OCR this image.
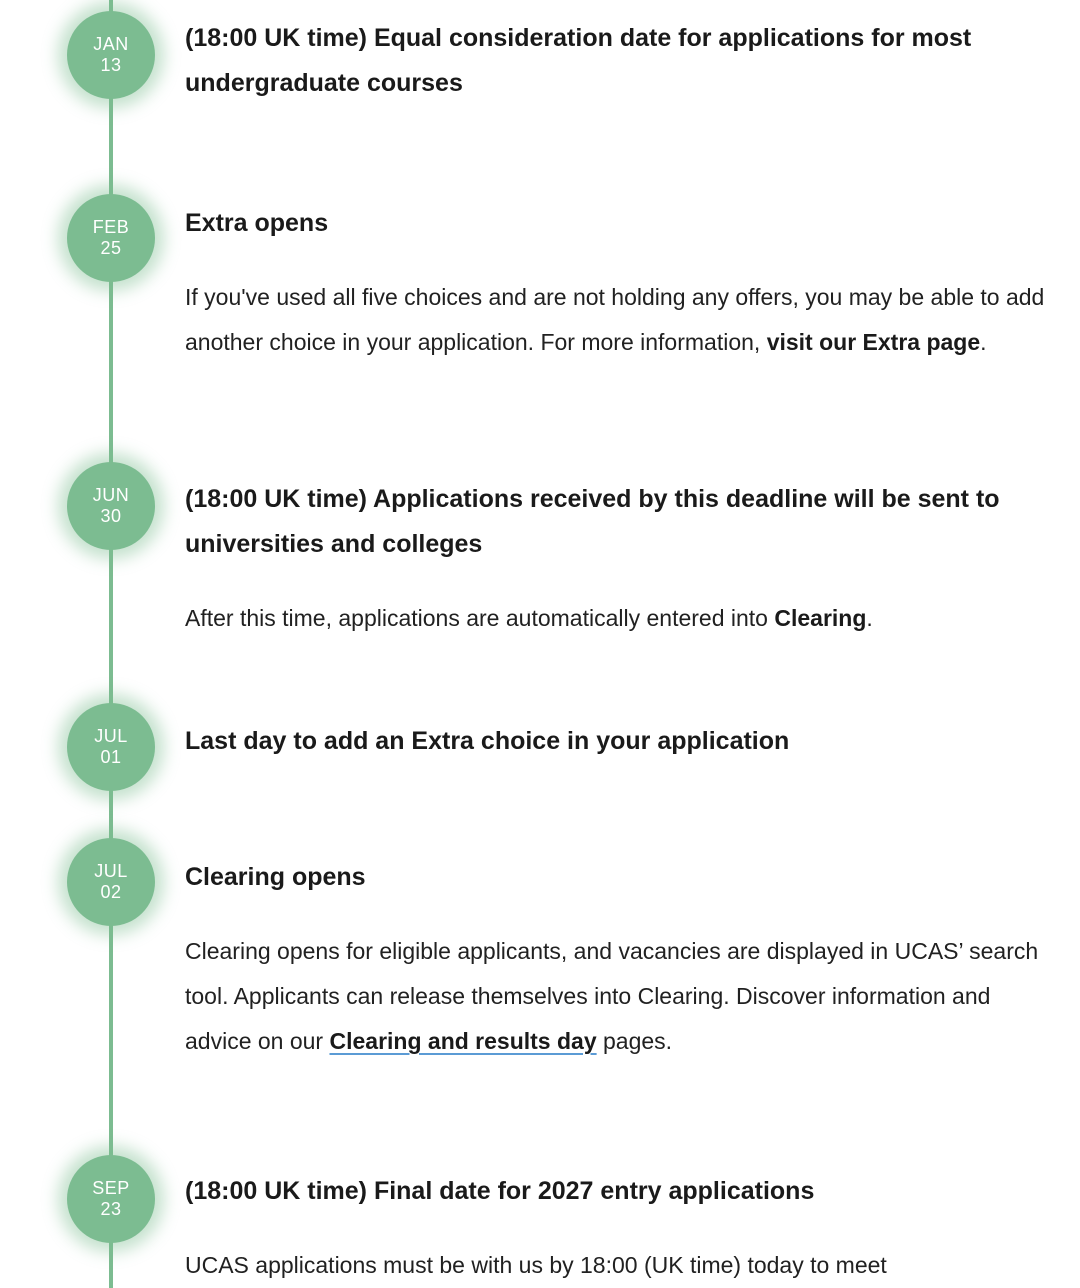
JAN
13
(18:00 UK time) Equal consideration date for applications for most undergraduate courses
FEB
25
Extra opens

If you've used all five choices and are not holding any offers, you may be able to add another choice in your application. For more information, visit our Extra page.

JUN
30
(18:00 UK time) Applications received by this deadline will be sent to universities and colleges

After this time, applications are automatically entered into Clearing.

JUL
01
Last day to add an Extra choice in your application
JUL
02
Clearing opens

Clearing opens for eligible applicants, and vacancies are displayed in UCAS’ search tool. Applicants can release themselves into Clearing. Discover information and advice on our Clearing and results day pages.

SEP
23
(18:00 UK time) Final date for 2027 entry applications

UCAS applications must be with us by 18:00 (UK time) today to meet
